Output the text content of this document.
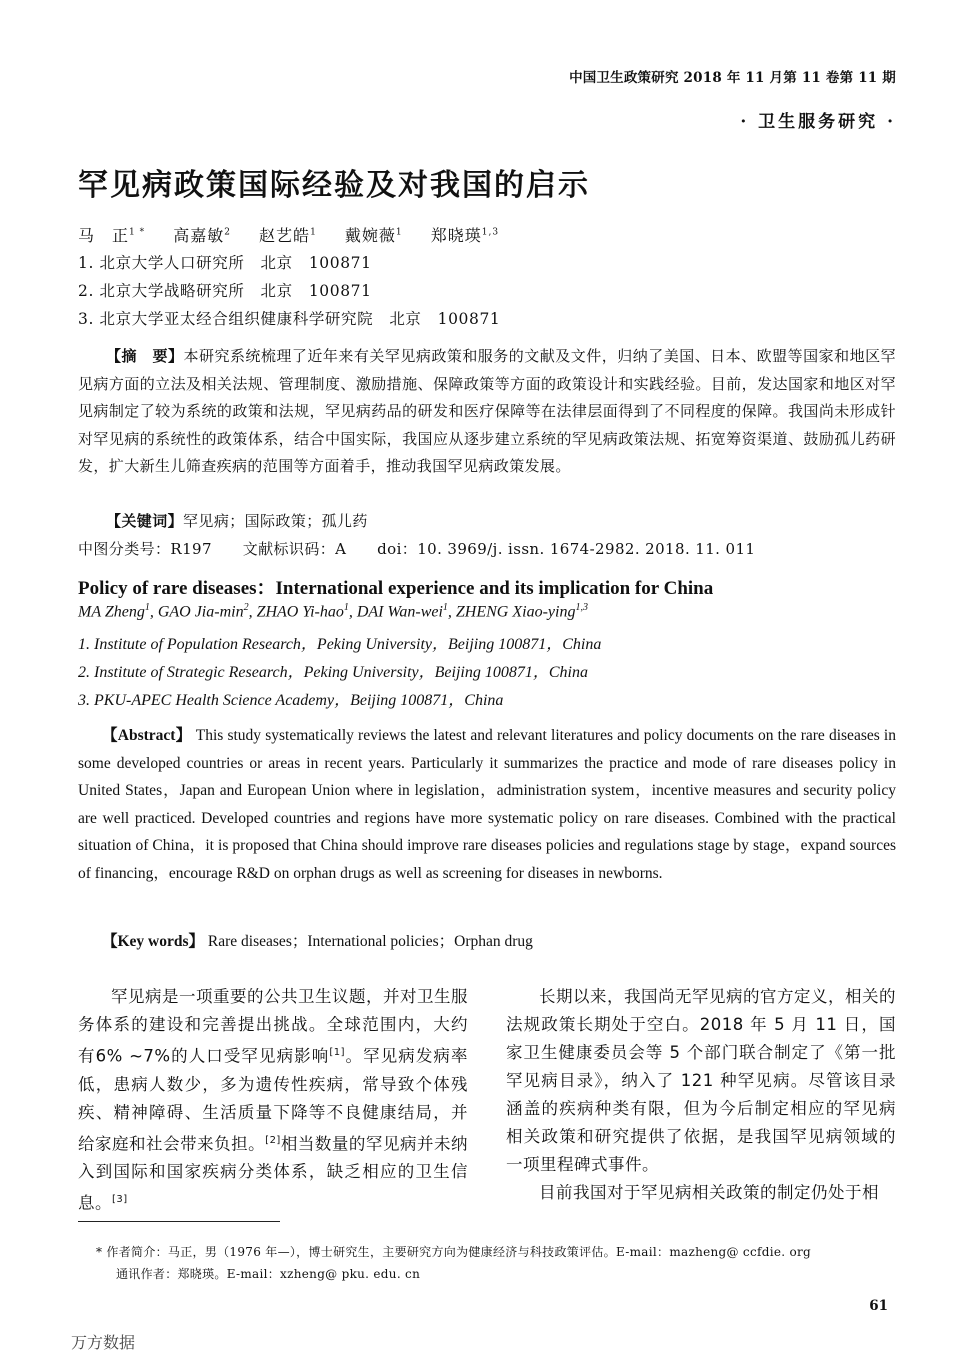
中国卫生政策研究 2018 年 11 月第 11 卷第 11 期
· 卫生服务研究 ·
罕见病政策国际经验及对我国的启示
马　正$^{1 *}$ 高嘉敏$^2$ 赵艺皓$^1$ 戴婉薇$^1$ 郑晓瑛$^{1,3}$
1. 北京大学人口研究所　北京　100871
2. 北京大学战略研究所　北京　100871
3. 北京大学亚太经合组织健康科学研究院　北京　100871
【摘　要】本研究系统梳理了近年来有关罕见病政策和服务的文献及文件，归纳了美国、日本、欧盟等国家和地区罕见病方面的立法及相关法规、管理制度、激励措施、保障政策等方面的政策设计和实践经验。目前，发达国家和地区对罕见病制定了较为系统的政策和法规，罕见病药品的研发和医疗保障等在法律层面得到了不同程度的保障。我国尚未形成针对罕见病的系统性的政策体系，结合中国实际，我国应从逐步建立系统的罕见病政策法规、拓宽筹资渠道、鼓励孤儿药研发，扩大新生儿筛查疾病的范围等方面着手，推动我国罕见病政策发展。
【关键词】罕见病；国际政策；孤儿药
中图分类号：R197　　文献标识码：A　　doi：10. 3969/j. issn. 1674-2982. 2018. 11. 011
Policy of rare diseases：International experience and its implication for China
MA Zheng$^1$, GAO Jia-$\min^2$, ZHAO Yi-hao$^1$, DAI Wan-wei$^1$, ZHENG Xiao-ying$^{1,3}$
1. Institute of Population Research，Peking University，Beijing 100871，China
2. Institute of Strategic Research，Peking University，Beijing 100871，China
3. PKU-APEC Health Science Academy，Beijing 100871，China
【Abstract】 This study systematically reviews the latest and relevant literatures and policy documents on the rare diseases in some developed countries or areas in recent years. Particularly it summarizes the practice and mode of rare diseases policy in United States，Japan and European Union where in legislation，administration system，incentive measures and security policy are well practiced. Developed countries and regions have more systematic policy on rare diseases. Combined with the practical situation of China，it is proposed that China should improve rare diseases policies and regulations stage by stage，expand sources of financing，encourage R&D on orphan drugs as well as screening for diseases in newborns.
【Key words】 Rare diseases；International policies；Orphan drug
罕见病是一项重要的公共卫生议题，并对卫生服务体系的建设和完善提出挑战。全球范围内，大约有6% ~7%的人口受罕见病影响[1]。罕见病发病率低，患病人数少，多为遗传性疾病，常导致个体残疾、精神障碍、生活质量下降等不良健康结局，并给家庭和社会带来负担。[2]相当数量的罕见病并未纳入到国际和国家疾病分类体系，缺乏相应的卫生信息。[3]
长期以来，我国尚无罕见病的官方定义，相关的法规政策长期处于空白。2018 年 5 月 11 日，国家卫生健康委员会等 5 个部门联合制定了《第一批罕见病目录》，纳入了 121 种罕见病。尽管该目录涵盖的疾病种类有限，但为今后制定相应的罕见病相关政策和研究提供了依据，是我国罕见病领域的一项里程碑式事件。
目前我国对于罕见病相关政策的制定仍处于相
* 作者简介：马正，男（1976 年—），博士研究生，主要研究方向为健康经济与科技政策评估。E-mail：mazheng@ ccfdie. org
通讯作者：郑晓瑛。E-mail：xzheng@ pku. edu. cn
61
万方数据
